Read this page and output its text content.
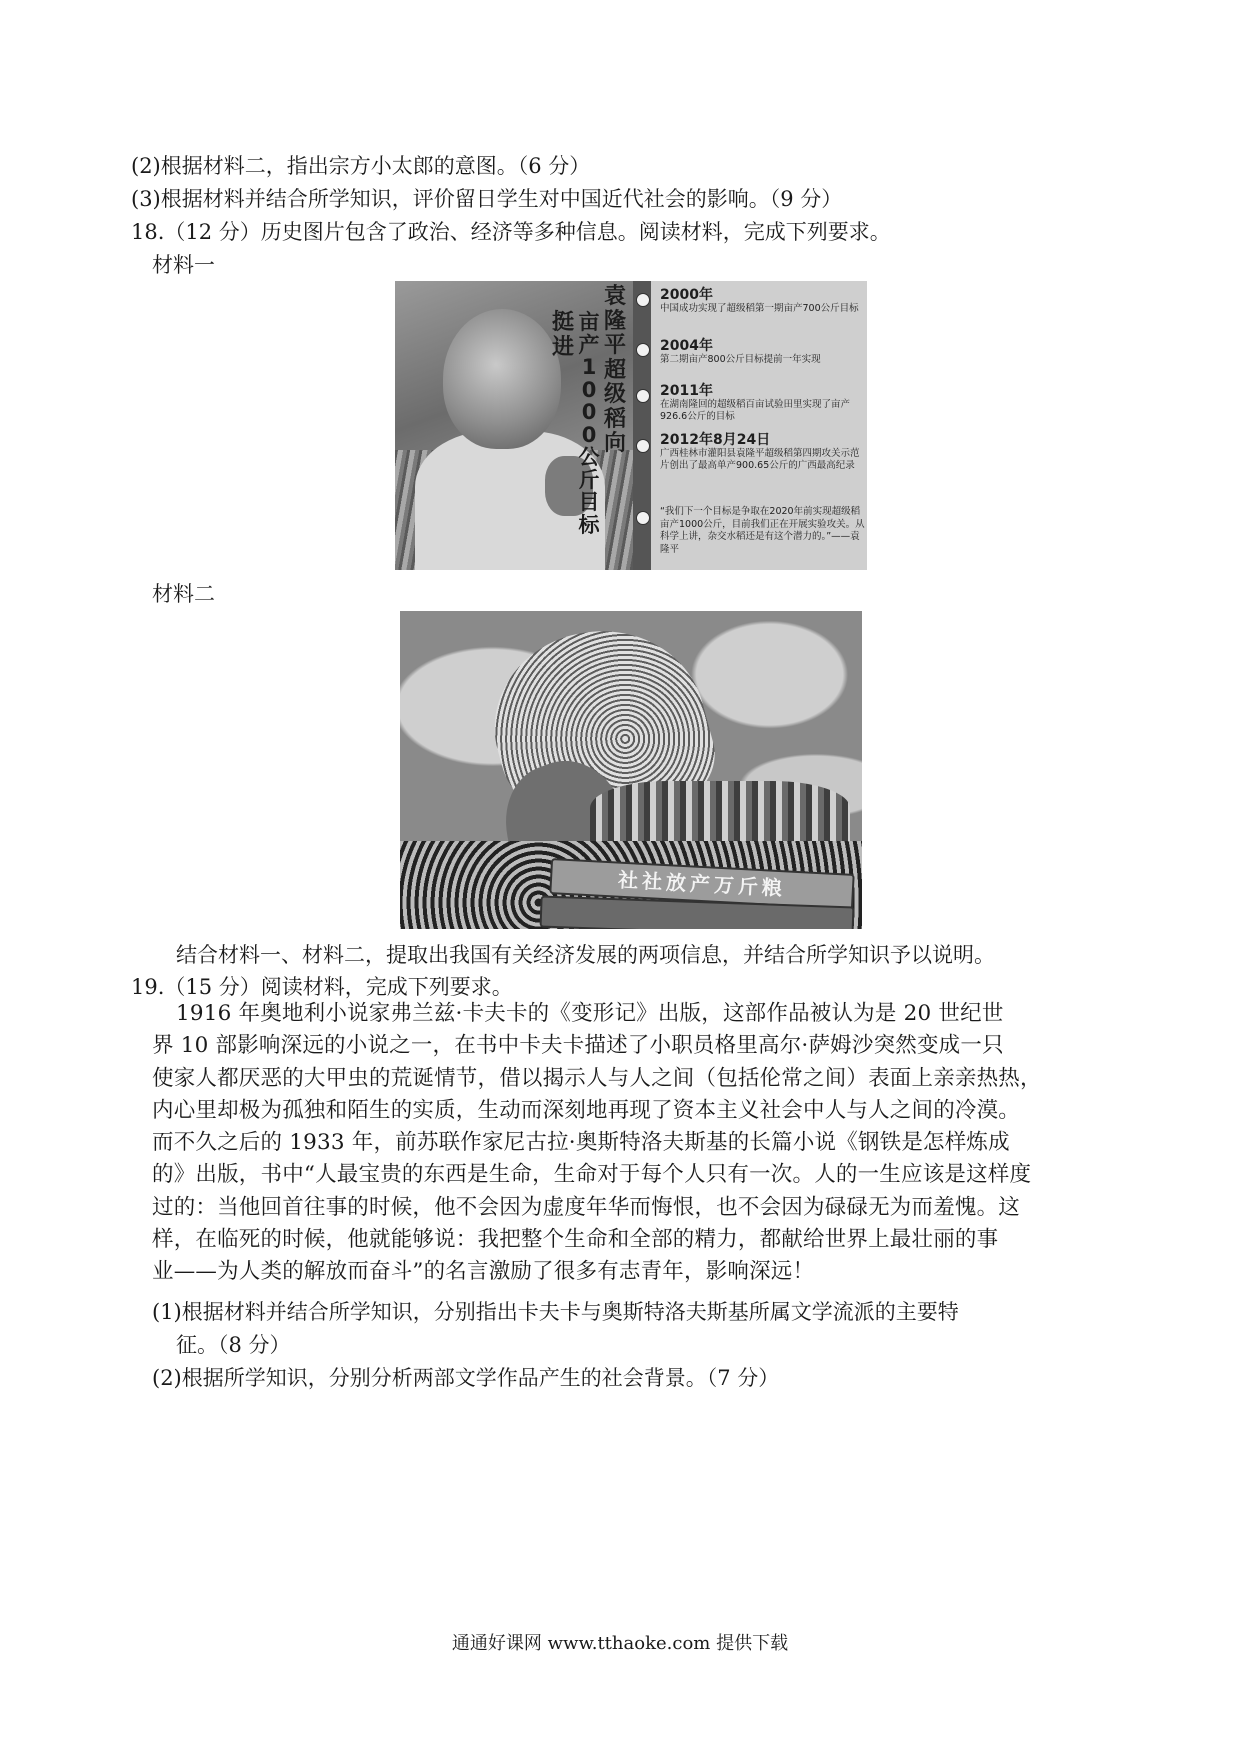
(2)根据材料二，指出宗方小太郎的意图。（6 分）
(3)根据材料并结合所学知识，评价留日学生对中国近代社会的影响。（9 分）
18.（12 分）历史图片包含了政治、经济等多种信息。阅读材料，完成下列要求。
材料一
袁隆平超级稻向
亩产1000公斤目标
挺进
2000年
中国成功实现了超级稻第一期亩产700公斤目标
2004年
第二期亩产800公斤目标提前一年实现
2011年
在湖南隆回的超级稻百亩试验田里实现了亩产926.6公斤的目标
2012年8月24日
广西桂林市灌阳县袁隆平超级稻第四期攻关示范片创出了最高单产900.65公斤的广西最高纪录
“我们下一个目标是争取在2020年前实现超级稻亩产1000公斤，目前我们正在开展实验攻关。从科学上讲，杂交水稻还是有这个潜力的。”——袁隆平
材料二
社社放产万斤粮
结合材料一、材料二，提取出我国有关经济发展的两项信息，并结合所学知识予以说明。
19.（15 分）阅读材料，完成下列要求。
1916 年奥地利小说家弗兰兹·卡夫卡的《变形记》出版，这部作品被认为是 20 世纪世
界 10 部影响深远的小说之一，在书中卡夫卡描述了小职员格里高尔·萨姆沙突然变成一只
使家人都厌恶的大甲虫的荒诞情节，借以揭示人与人之间（包括伦常之间）表面上亲亲热热，
内心里却极为孤独和陌生的实质，生动而深刻地再现了资本主义社会中人与人之间的冷漠。
而不久之后的 1933 年，前苏联作家尼古拉·奥斯特洛夫斯基的长篇小说《钢铁是怎样炼成
的》出版，书中“人最宝贵的东西是生命，生命对于每个人只有一次。人的一生应该是这样度
过的：当他回首往事的时候，他不会因为虚度年华而悔恨，也不会因为碌碌无为而羞愧。这
样，在临死的时候，他就能够说：我把整个生命和全部的精力，都献给世界上最壮丽的事
业——为人类的解放而奋斗”的名言激励了很多有志青年，影响深远！
(1)根据材料并结合所学知识，分别指出卡夫卡与奥斯特洛夫斯基所属文学流派的主要特
征。（8 分）
(2)根据所学知识，分别分析两部文学作品产生的社会背景。（7 分）
通通好课网 www.tthaoke.com 提供下载
